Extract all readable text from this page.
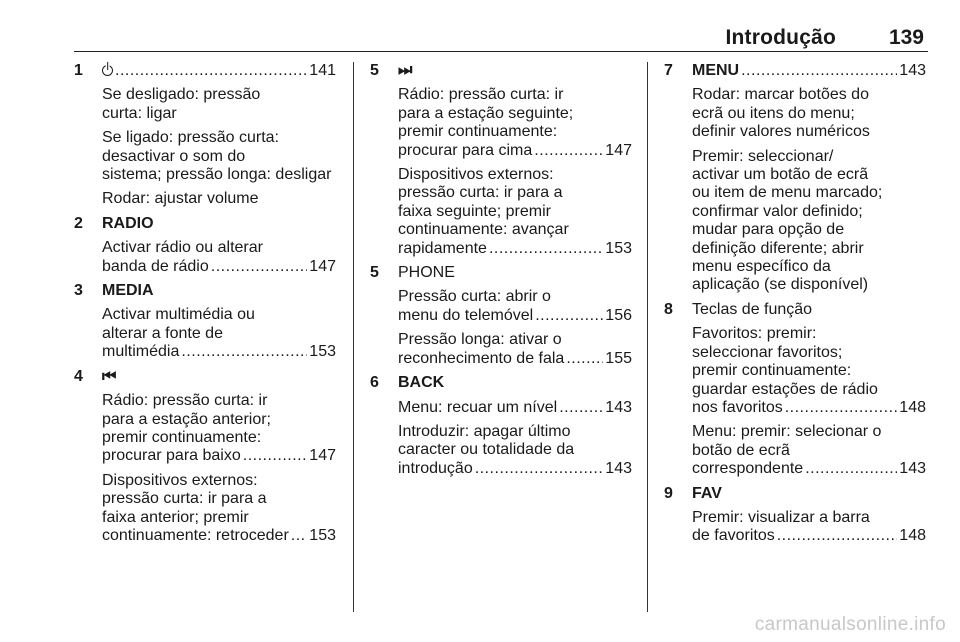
Introdução	139
1 .....	141
Se desligado: pressão
curta: ligar
Se ligado: pressão curta:
desactivar o som do
sistema; pressão longa: desligar
Rodar: ajustar volume
2	RADIO
Activar rádio ou alterar
banda de rádio .....	147
3	MEDIA
Activar multimédia ou
alterar a fonte de
multimédia .....	153
4	⏮
Rádio: pressão curta: ir
para a estação anterior;
premir continuamente:
procurar para baixo .....	147
Dispositivos externos:
pressão curta: ir para a
faixa anterior; premir
continuamente: retroceder ..... 153
5	⏭
Rádio: pressão curta: ir
para a estação seguinte;
premir continuamente:
procurar para cima .....	147
Dispositivos externos:
pressão curta: ir para a
faixa seguinte; premir
continuamente: avançar
rapidamente .....	153
5	PHONE
Pressão curta: abrir o
menu do telemóvel .....	156
Pressão longa: ativar o
reconhecimento de fala .....	155
6	BACK
Menu: recuar um nível .....	143
Introduzir: apagar último
caracter ou totalidade da
introdução .....	143
7	MENU .....	143
Rodar: marcar botões do
ecrã ou itens do menu;
definir valores numéricos
Premir: seleccionar/
activar um botão de ecrã
ou item de menu marcado;
confirmar valor definido;
mudar para opção de
definição diferente; abrir
menu específico da
aplicação (se disponível)
8	Teclas de função
Favoritos: premir:
seleccionar favoritos;
premir continuamente:
guardar estações de rádio
nos favoritos .....	148
Menu: premir: selecionar o
botão de ecrã
correspondente .....	143
9	FAV
Premir: visualizar a barra
de favoritos .....	148
carmanualsonline.info
